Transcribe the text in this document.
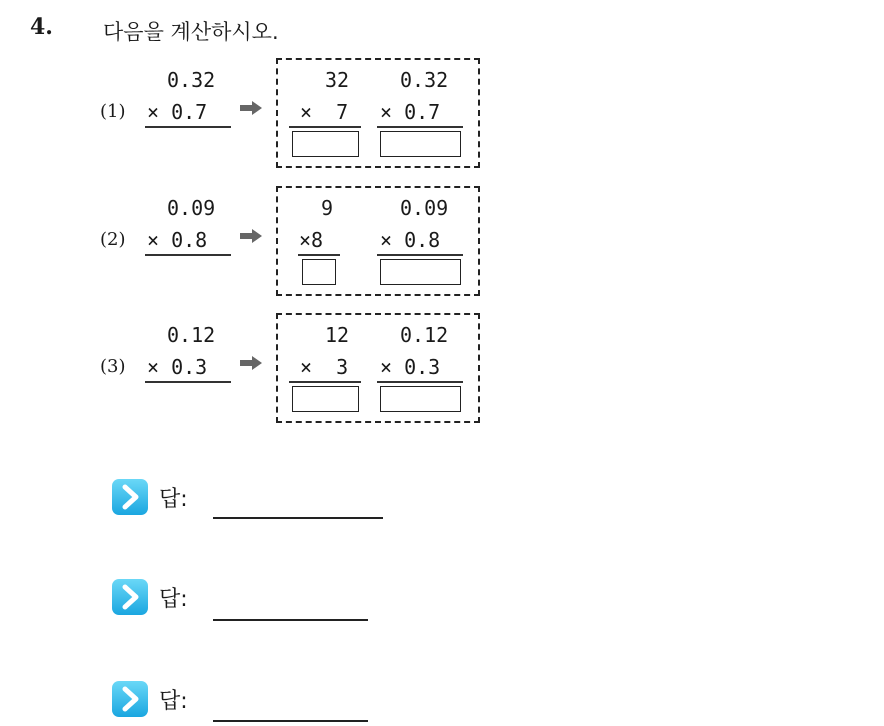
4. 다음을 계산하시오.
(1)
0.32
× 0.7
32
×  7
0.32
× 0.7
(2)
0.09
× 0.8
9
×8
0.09
× 0.8
(3)
0.12
× 0.3
12
×  3
0.12
× 0.3
답:
답:
답:
